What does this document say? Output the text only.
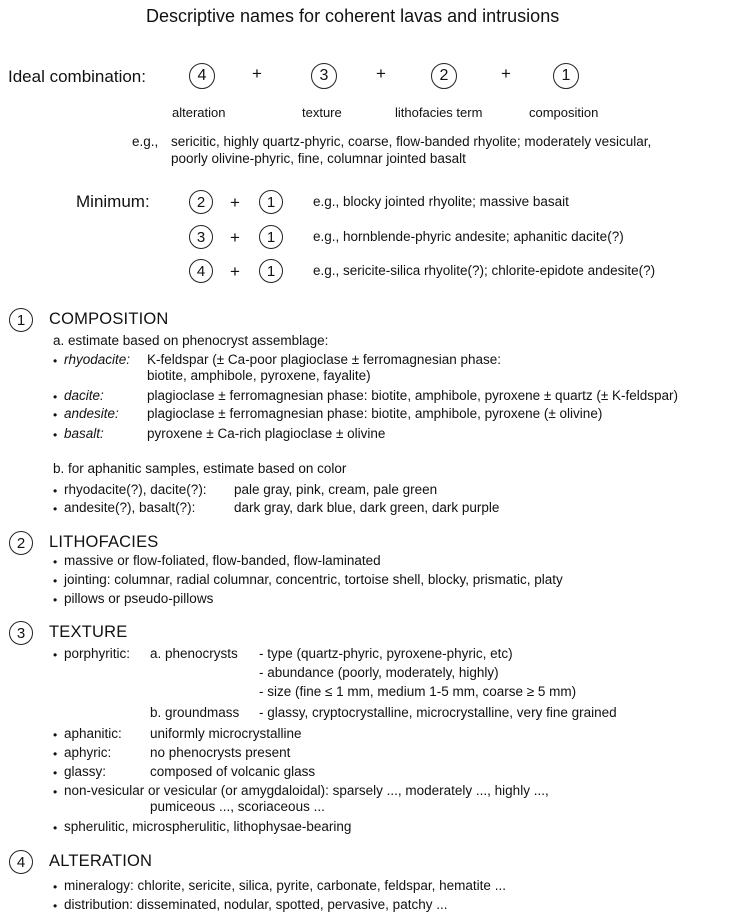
Descriptive names for coherent lavas and intrusions
Ideal combination:	4	+	3	+	2	+	1
alteration	texture	lithofacies term	composition
e.g., sericitic, highly quartz-phyric, coarse, flow-banded rhyolite; moderately vesicular,
poorly olivine-phyric, fine, columnar jointed basalt
Minimum:	2	+	1	e.g., blocky jointed rhyolite; massive basait
3	+	1	e.g., hornblende-phyric andesite; aphanitic dacite(?)
4	+	1	e.g., sericite-silica rhyolite(?); chlorite-epidote andesite(?)
1	COMPOSITION
a. estimate based on phenocryst assemblage:
• rhyodacite: K-feldspar (± Ca-poor plagioclase ± ferromagnesian phase:
biotite, amphibole, pyroxene, fayalite)
• dacite:	plagioclase ± ferromagnesian phase: biotite, amphibole, pyroxene ± quartz (± K-feldspar)
• andesite: plagioclase ± ferromagnesian phase: biotite, amphibole, pyroxene (± olivine)
• basalt:	pyroxene ± Ca-rich plagioclase ± olivine
b. for aphanitic samples, estimate based on color
• rhyodacite(?), dacite(?): pale gray, pink, cream, pale green
• andesite(?), basalt(?):	dark gray, dark blue, dark green, dark purple
2	LITHOFACIES
• massive or flow-foliated, flow-banded, flow-laminated
• jointing: columnar, radial columnar, concentric, tortoise shell, blocky, prismatic, platy
• pillows or pseudo-pillows
3	TEXTURE
• porphyritic: a. phenocrysts - type (quartz-phyric, pyroxene-phyric, etc)
- abundance (poorly, moderately, highly)
- size (fine ≤ 1 mm, medium 1-5 mm, coarse ≥ 5 mm)
b. groundmass - glassy, cryptocrystalline, microcrystalline, very fine grained
• aphanitic: uniformly microcrystalline
• aphyric:	no phenocrysts present
• glassy:	composed of volcanic glass
• non-vesicular or vesicular (or amygdaloidal): sparsely ..., moderately ..., highly ...,
pumiceous ..., scoriaceous ...
• spherulitic, microspherulitic, lithophysae-bearing
4	ALTERATION
• mineralogy: chlorite, sericite, silica, pyrite, carbonate, feldspar, hematite ...
• distribution: disseminated, nodular, spotted, pervasive, patchy ...
